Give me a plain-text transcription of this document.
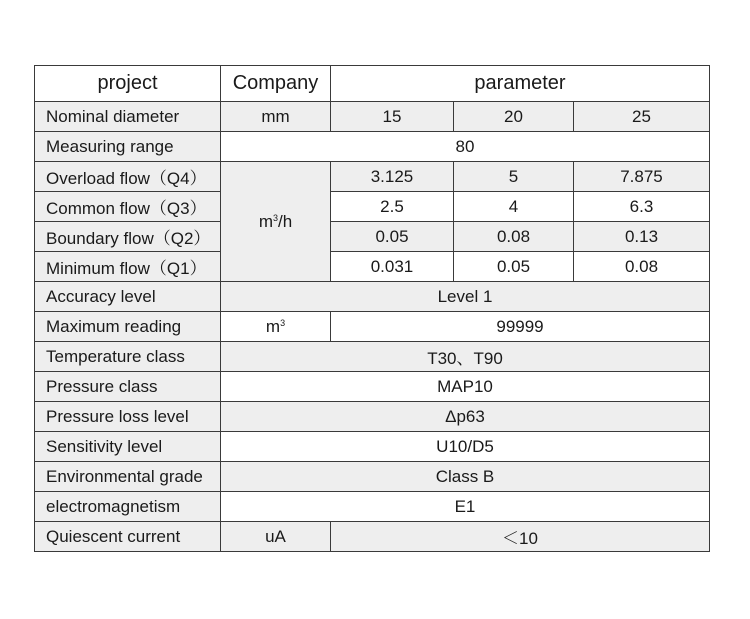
project	Company	parameter		
Nominal diameter	mm	15	20	25
Measuring range	80			
Overload flow（Q4）	$m^3/h$	3.125	5	7.875
Common flow（Q3）		2.5	4	6.3
Boundary flow（Q2）		0.05	0.08	0.13
Minimum flow（Q1）		0.031	0.05	0.08
Accuracy level	Level 1			
Maximum reading	$m^3$	99999		
Temperature class	T30、T90			
Pressure class	MAP10			
Pressure loss level	Δp63			
Sensitivity level	U10/D5			
Environmental grade	Class B			
electromagnetism	E1			
Quiescent current	uA	＜10		
